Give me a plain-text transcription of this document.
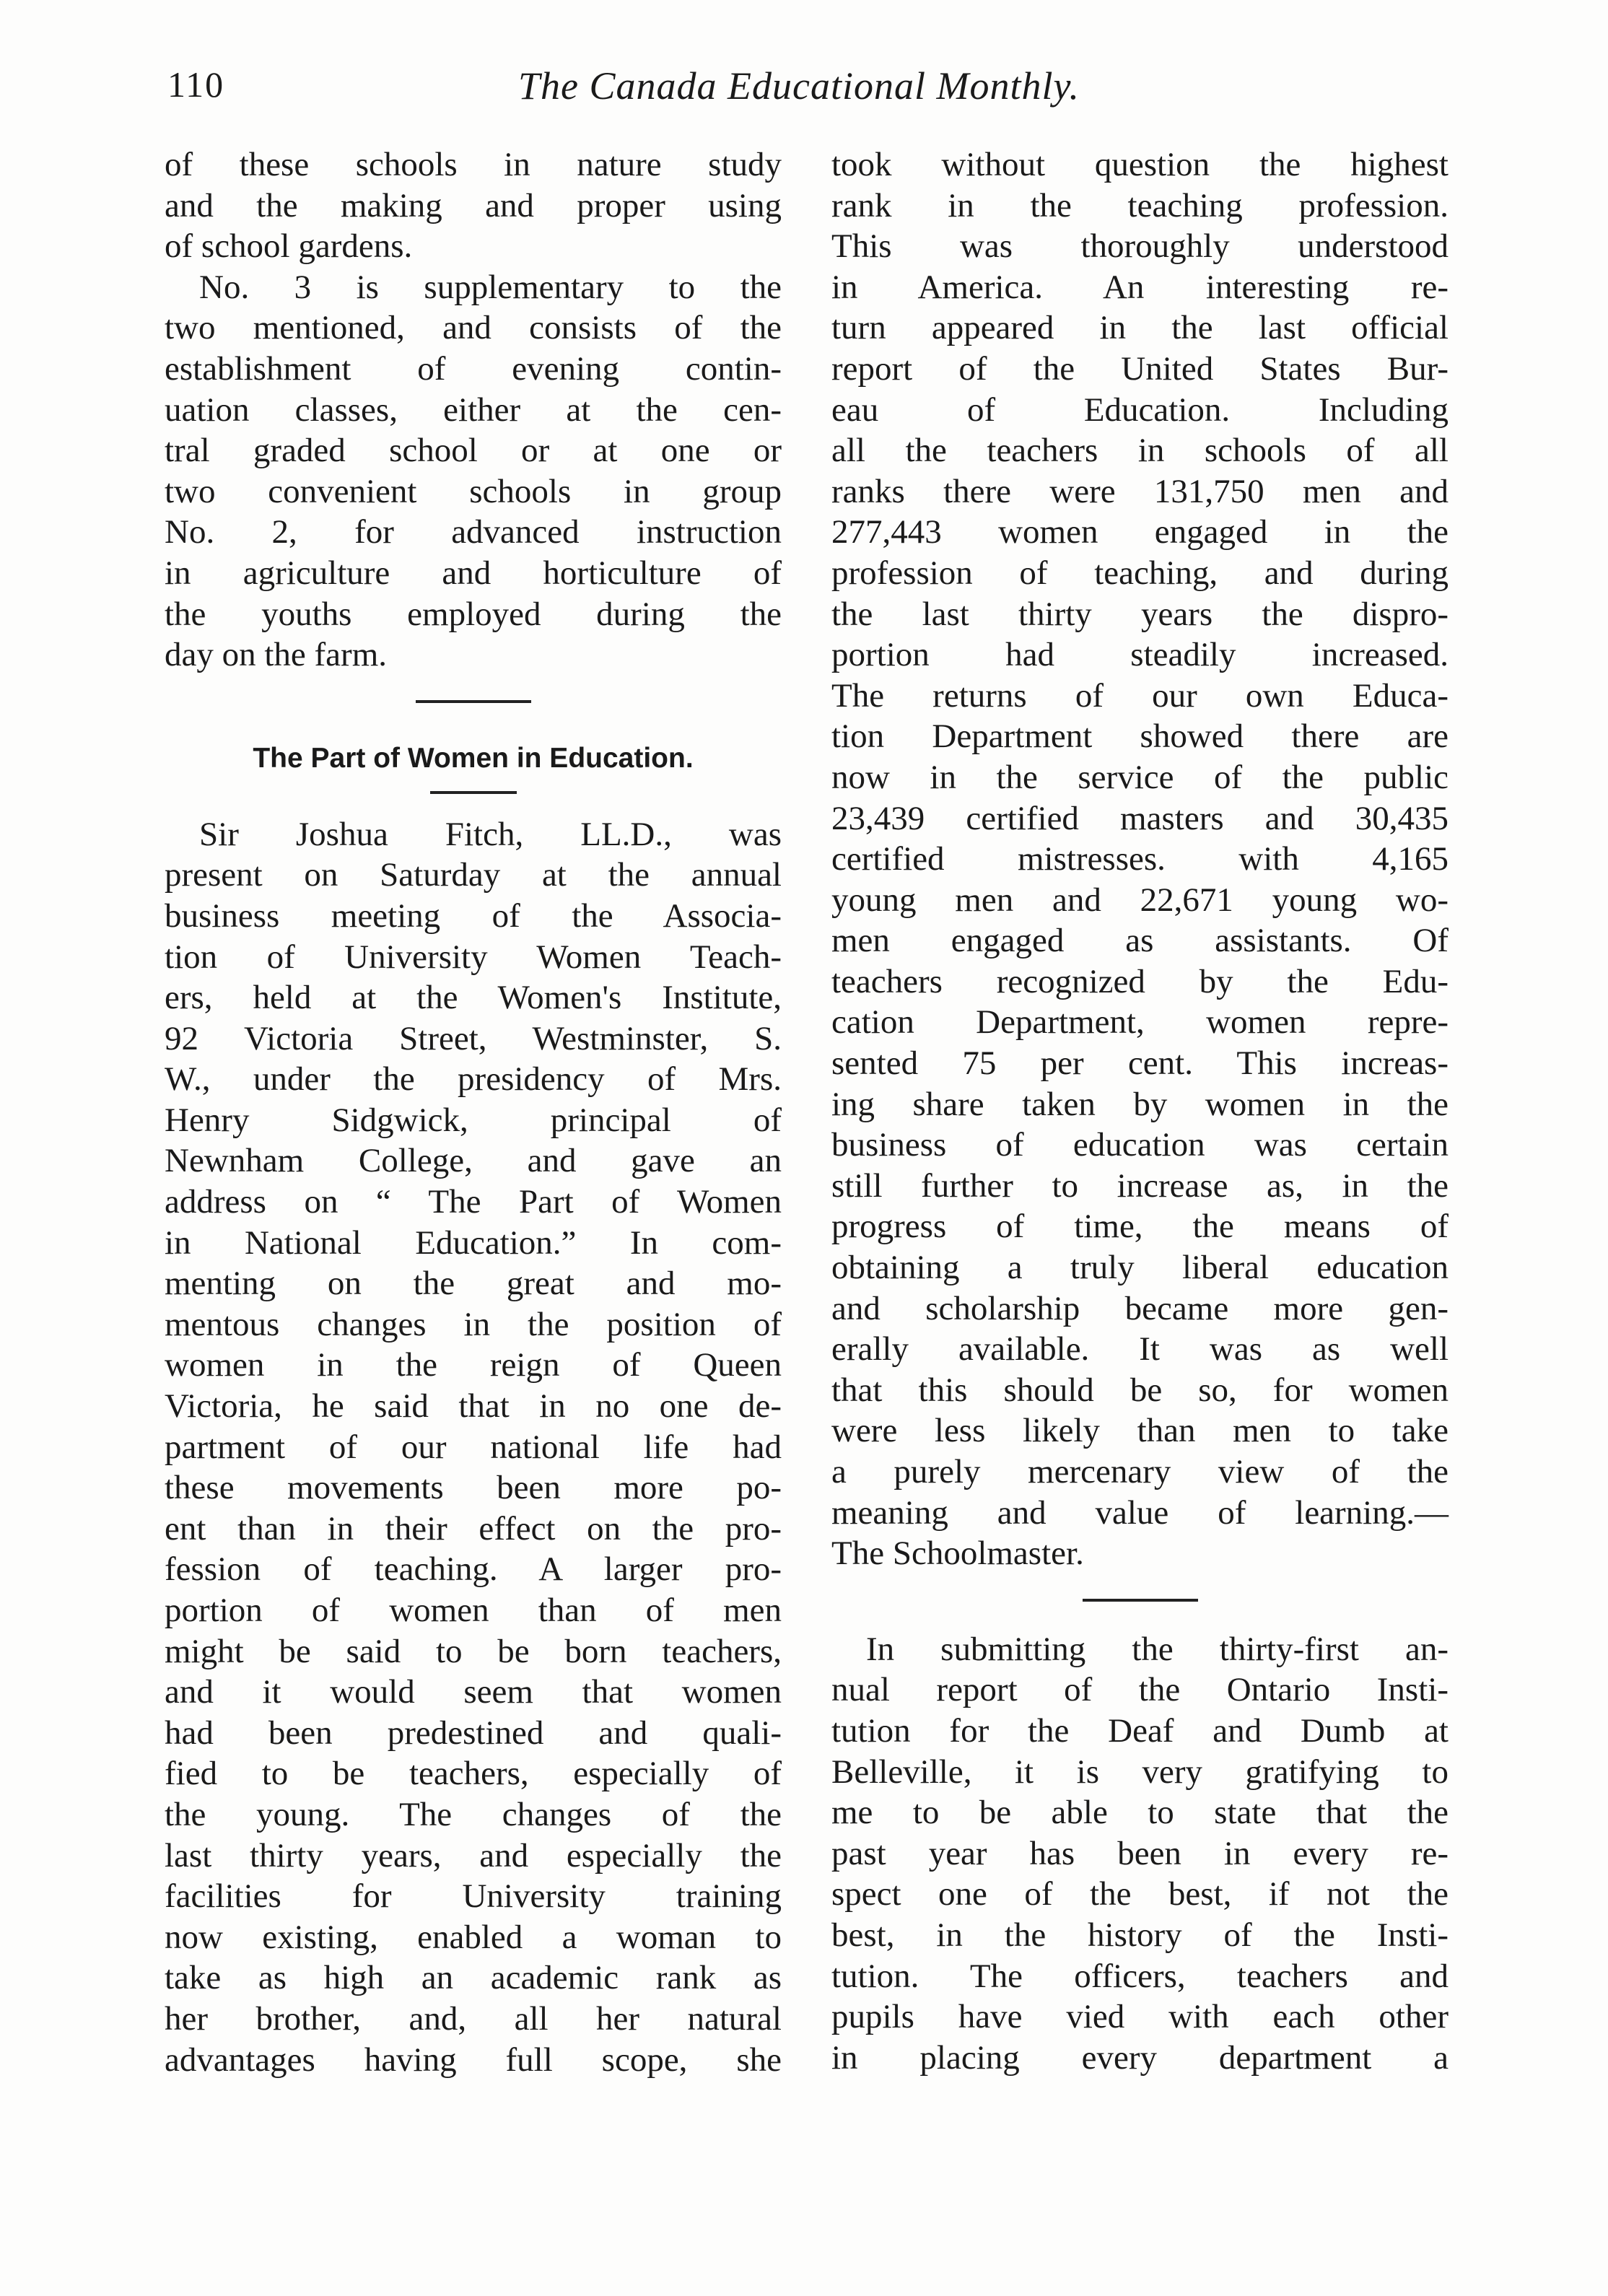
110	The Canada Educational Monthly.

of these schools in nature study
and the making and proper using
of school gardens.

No. 3 is supplementary to the
two mentioned, and consists of the
establishment of evening contin-
uation classes, either at the cen-
tral graded school or at one or
two convenient schools in group
No. 2, for advanced instruction
in agriculture and horticulture of
the youths employed during the
day on the farm.

The Part of Women in Education.

Sir Joshua Fitch, LL.D., was
present on Saturday at the annual
business meeting of the Associa-
tion of University Women Teach-
ers, held at the Women's Institute,
92 Victoria Street, Westminster, S.
W., under the presidency of Mrs.
Henry Sidgwick, principal of
Newnham College, and gave an
address on “ The Part of Women
in National Education.” In com-
menting on the great and mo-
mentous changes in the position of
women in the reign of Queen
Victoria, he said that in no one de-
partment of our national life had
these movements been more po-
ent than in their effect on the pro-
fession of teaching. A larger pro-
portion of women than of men
might be said to be born teachers,
and it would seem that women
had been predestined and quali-
fied to be teachers, especially of
the young. The changes of the
last thirty years, and especially the
facilities for University training
now existing, enabled a woman to
take as high an academic rank as
her brother, and, all her natural
advantages having full scope, she

took without question the highest
rank in the teaching profession.
This was thoroughly understood
in America. An interesting re-
turn appeared in the last official
report of the United States Bur-
eau of Education. Including
all the teachers in schools of all
ranks there were 131,750 men and
277,443 women engaged in the
profession of teaching, and during
the last thirty years the dispro-
portion had steadily increased.
The returns of our own Educa-
tion Department showed there are
now in the service of the public
23,439 certified masters and 30,435
certified mistresses. with 4,165
young men and 22,671 young wo-
men engaged as assistants. Of
teachers recognized by the Edu-
cation Department, women repre-
sented 75 per cent. This increas-
ing share taken by women in the
business of education was certain
still further to increase as, in the
progress of time, the means of
obtaining a truly liberal education
and scholarship became more gen-
erally available. It was as well
that this should be so, for women
were less likely than men to take
a purely mercenary view of the
meaning and value of learning.—
The Schoolmaster.

In submitting the thirty-first an-
nual report of the Ontario Insti-
tution for the Deaf and Dumb at
Belleville, it is very gratifying to
me to be able to state that the
past year has been in every re-
spect one of the best, if not the
best, in the history of the Insti-
tution. The officers, teachers and
pupils have vied with each other
in placing every department a
